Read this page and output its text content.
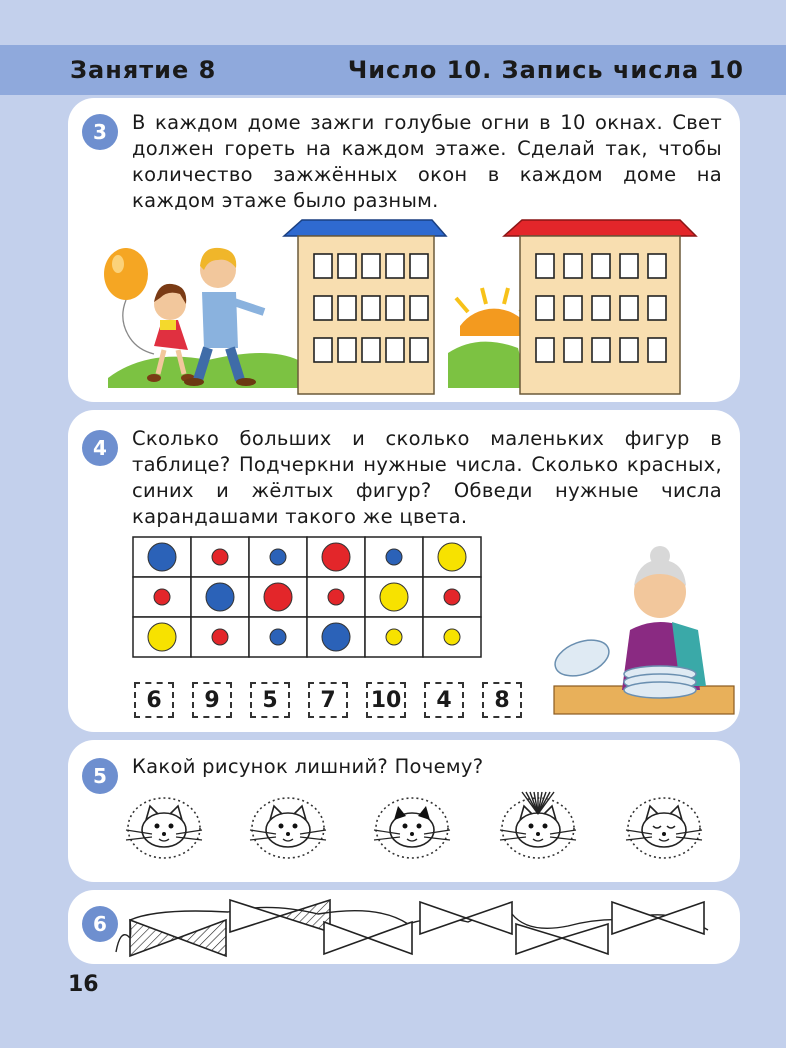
Занятие 8	Число 10. Запись числа 10
3	В каждом доме зажги голубые огни в 10 окнах. Свет должен гореть на каждом этаже. Сделай так, чтобы количество зажжённых окон в каждом доме на каждом этаже было разным.
4	Сколько больших и сколько маленьких фигур в таблице? Подчеркни нужные числа. Сколько красных, синих и жёлтых фигур? Обведи нужные числа карандашами такого же цвета.
6 9 5 7 10 4 8
5	Какой рисунок лишний? Почему?
6
16
